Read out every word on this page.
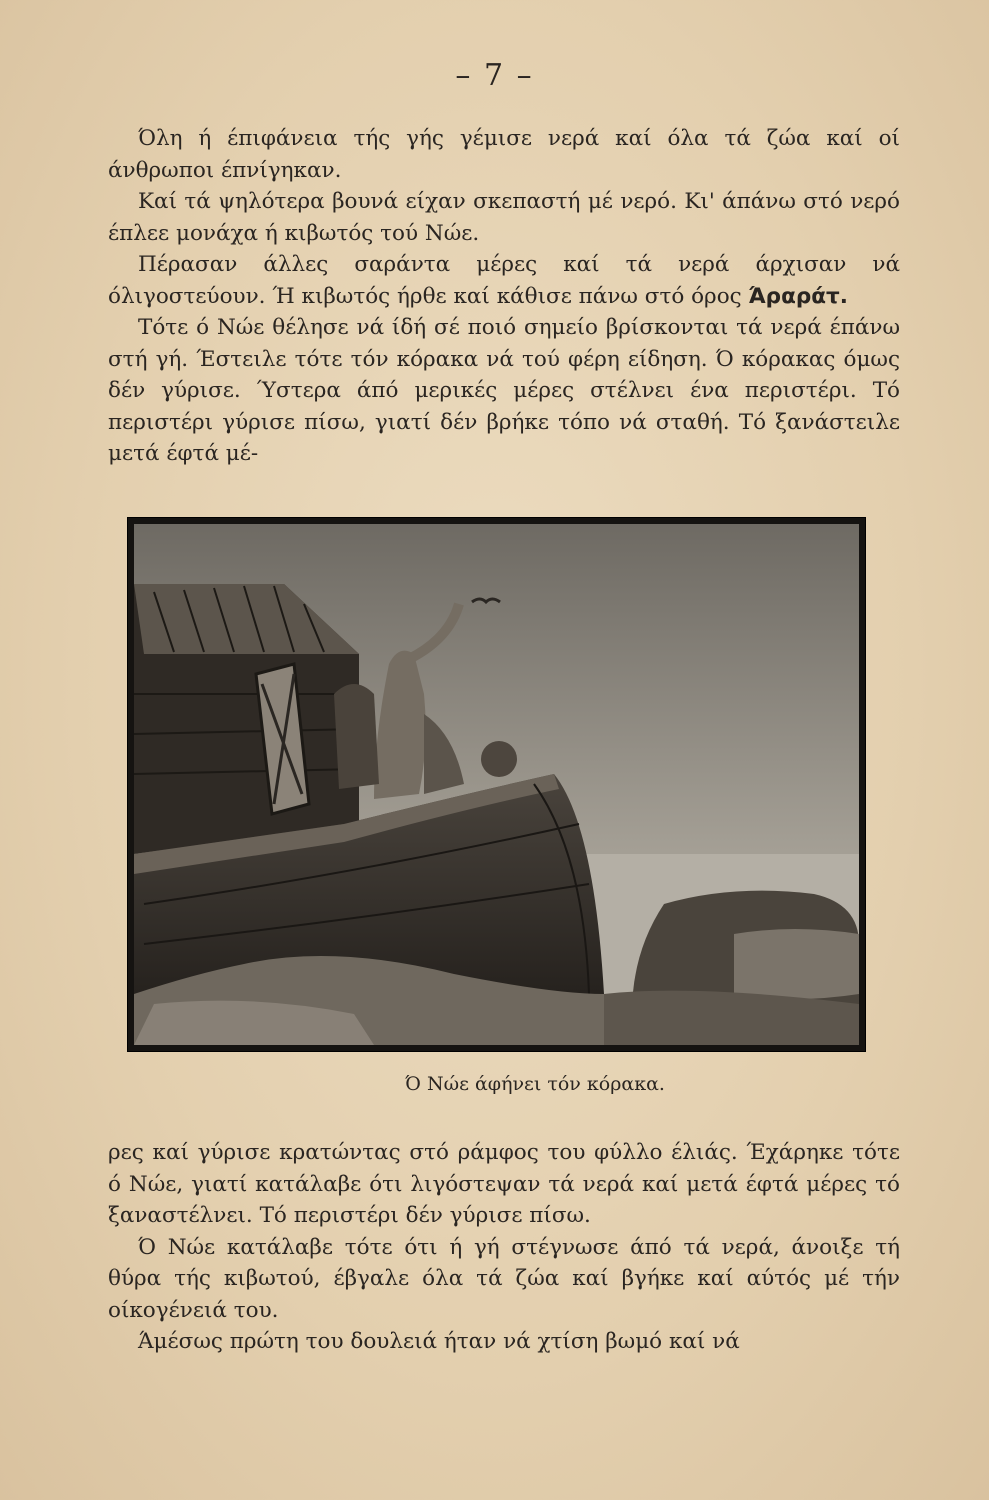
– 7 –

Όλη ή έπιφάνεια τής γής γέμισε νερά καί όλα τά ζώα καί οί άνθρωποι έπνίγηκαν.

Καί τά ψηλότερα βουνά είχαν σκεπαστή μέ νερό. Κι' άπάνω στό νερό έπλεε μονάχα ή κιβωτός τού Νώε.

Πέρασαν άλλες σαράντα μέρες καί τά νερά άρχισαν νά όλιγοστεύουν. Ή κιβωτός ήρθε καί κάθισε πάνω στό όρος Άραράτ.

Τότε ό Νώε θέλησε νά ίδή σέ ποιό σημείο βρίσκονται τά νερά έπάνω στή γή. Έστειλε τότε τόν κόρακα νά τού φέρη είδηση. Ό κόρακας όμως δέν γύρισε. Ύστερα άπό μερικές μέρες στέλνει ένα περιστέρι. Τό περιστέρι γύρισε πίσω, γιατί δέν βρήκε τόπο νά σταθή. Τό ξανάστειλε μετά έφτά μέ-

Ό Νώε άφήνει τόν κόρακα.

ρες καί γύρισε κρατώντας στό ράμφος του φύλλο έλιάς. Έχάρηκε τότε ό Νώε, γιατί κατάλαβε ότι λιγόστεψαν τά νερά καί μετά έφτά μέρες τό ξαναστέλνει. Τό περιστέρι δέν γύρισε πίσω.

Ό Νώε κατάλαβε τότε ότι ή γή στέγνωσε άπό τά νερά, άνοιξε τή θύρα τής κιβωτού, έβγαλε όλα τά ζώα καί βγήκε καί αύτός μέ τήν οίκογένειά του.

Άμέσως πρώτη του δουλειά ήταν νά χτίση βωμό καί νά
